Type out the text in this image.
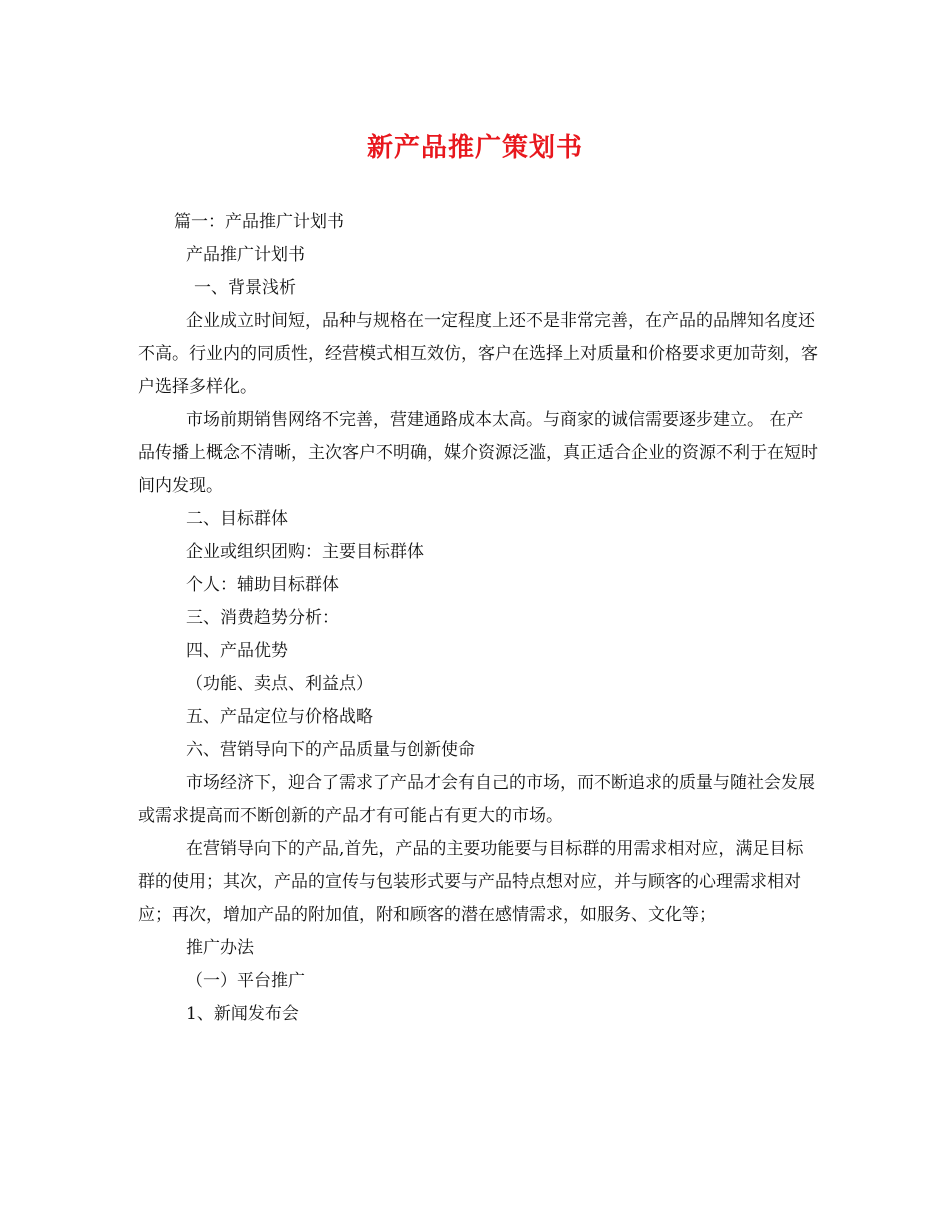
新产品推广策划书

篇一：产品推广计划书

产品推广计划书

一、背景浅析

企业成立时间短，品种与规格在一定程度上还不是非常完善，在产品的品牌知名度还不高。行业内的同质性，经营模式相互效仿，客户在选择上对质量和价格要求更加苛刻，客户选择多样化。

市场前期销售网络不完善，营建通路成本太高。与商家的诚信需要逐步建立。 在产品传播上概念不清晰，主次客户不明确，媒介资源泛滥，真正适合企业的资源不利于在短时间内发现。

二、目标群体

企业或组织团购：主要目标群体

个人：辅助目标群体

三、消费趋势分析：

四、产品优势

（功能、卖点、利益点）

五、产品定位与价格战略

六、营销导向下的产品质量与创新使命

市场经济下，迎合了需求了产品才会有自己的市场，而不断追求的质量与随社会发展或需求提高而不断创新的产品才有可能占有更大的市场。

在营销导向下的产品,首先，产品的主要功能要与目标群的用需求相对应，满足目标群的使用；其次，产品的宣传与包装形式要与产品特点想对应，并与顾客的心理需求相对应；再次，增加产品的附加值，附和顾客的潜在感情需求，如服务、文化等；

推广办法

（一）平台推广

1、新闻发布会
